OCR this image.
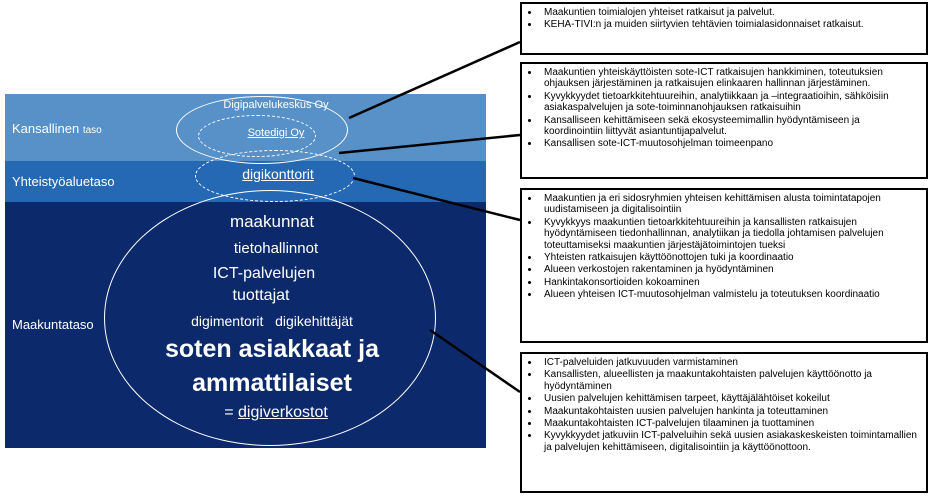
Kansallinen taso
Yhteistyöaluetaso
Maakuntataso
Digipalvelukeskus Oy
Sotedigi Oy
digikonttorit
maakunnat
tietohallinnot
ICT-palvelujen
tuottajat
digimentorit digikehittäjät
soten asiakkaat ja
ammattilaiset
= digiverkostot
• Maakuntien toimialojen yhteiset ratkaisut ja palvelut.
• KEHA-TIVI:n ja muiden siirtyvien tehtävien toimialasidonnaiset ratkaisut.
• Maakuntien yhteiskäyttöisten sote-ICT ratkaisujen hankkiminen, toteutuksien ohjauksen järjestäminen ja ratkaisujen elinkaaren hallinnan järjestäminen.
• Kyvykkyydet tietoarkkitehtuureihin, analytiikkaan ja –integraatioihin, sähköisiin asiakaspalvelujen ja sote-toiminnanohjauksen ratkaisuihin
• Kansalliseen kehittämiseen sekä ekosysteemimallin hyödyntämiseen ja koordinointiin liittyvät asiantuntijapalvelut.
• Kansallisen sote-ICT-muutosohjelman toimeenpano
• Maakuntien ja eri sidosryhmien yhteisen kehittämisen alusta toimintatapojen uudistamiseen ja digitalisointiin
• Kyvykkyys maakuntien tietoarkkitehtuureihin ja kansallisten ratkaisujen hyödyntämiseen tiedonhallinnan, analytiikan ja tiedolla johtamisen palvelujen toteuttamiseksi maakuntien järjestäjätoimintojen tueksi
• Yhteisten ratkaisujen käyttöönottojen tuki ja koordinaatio
• Alueen verkostojen rakentaminen ja hyödyntäminen
• Hankintakonsortioiden kokoaminen
• Alueen yhteisen ICT-muutosohjelman valmistelu ja toteutuksen koordinaatio
• ICT-palveluiden jatkuvuuden varmistaminen
• Kansallisten, alueellisten ja maakuntakohtaisten palvelujen käyttöönotto ja hyödyntäminen
• Uusien palvelujen kehittämisen tarpeet, käyttäjälähtöiset kokeilut
• Maakuntakohtaisten uusien palvelujen hankinta ja toteuttaminen
• Maakuntakohtaisten ICT-palvelujen tilaaminen ja tuottaminen
• Kyvykkyydet jatkuviin ICT-palveluihin sekä uusien asiakaskeskeisten toimintamallien ja palvelujen kehittämiseen, digitalisointiin ja käyttöönottoon.
